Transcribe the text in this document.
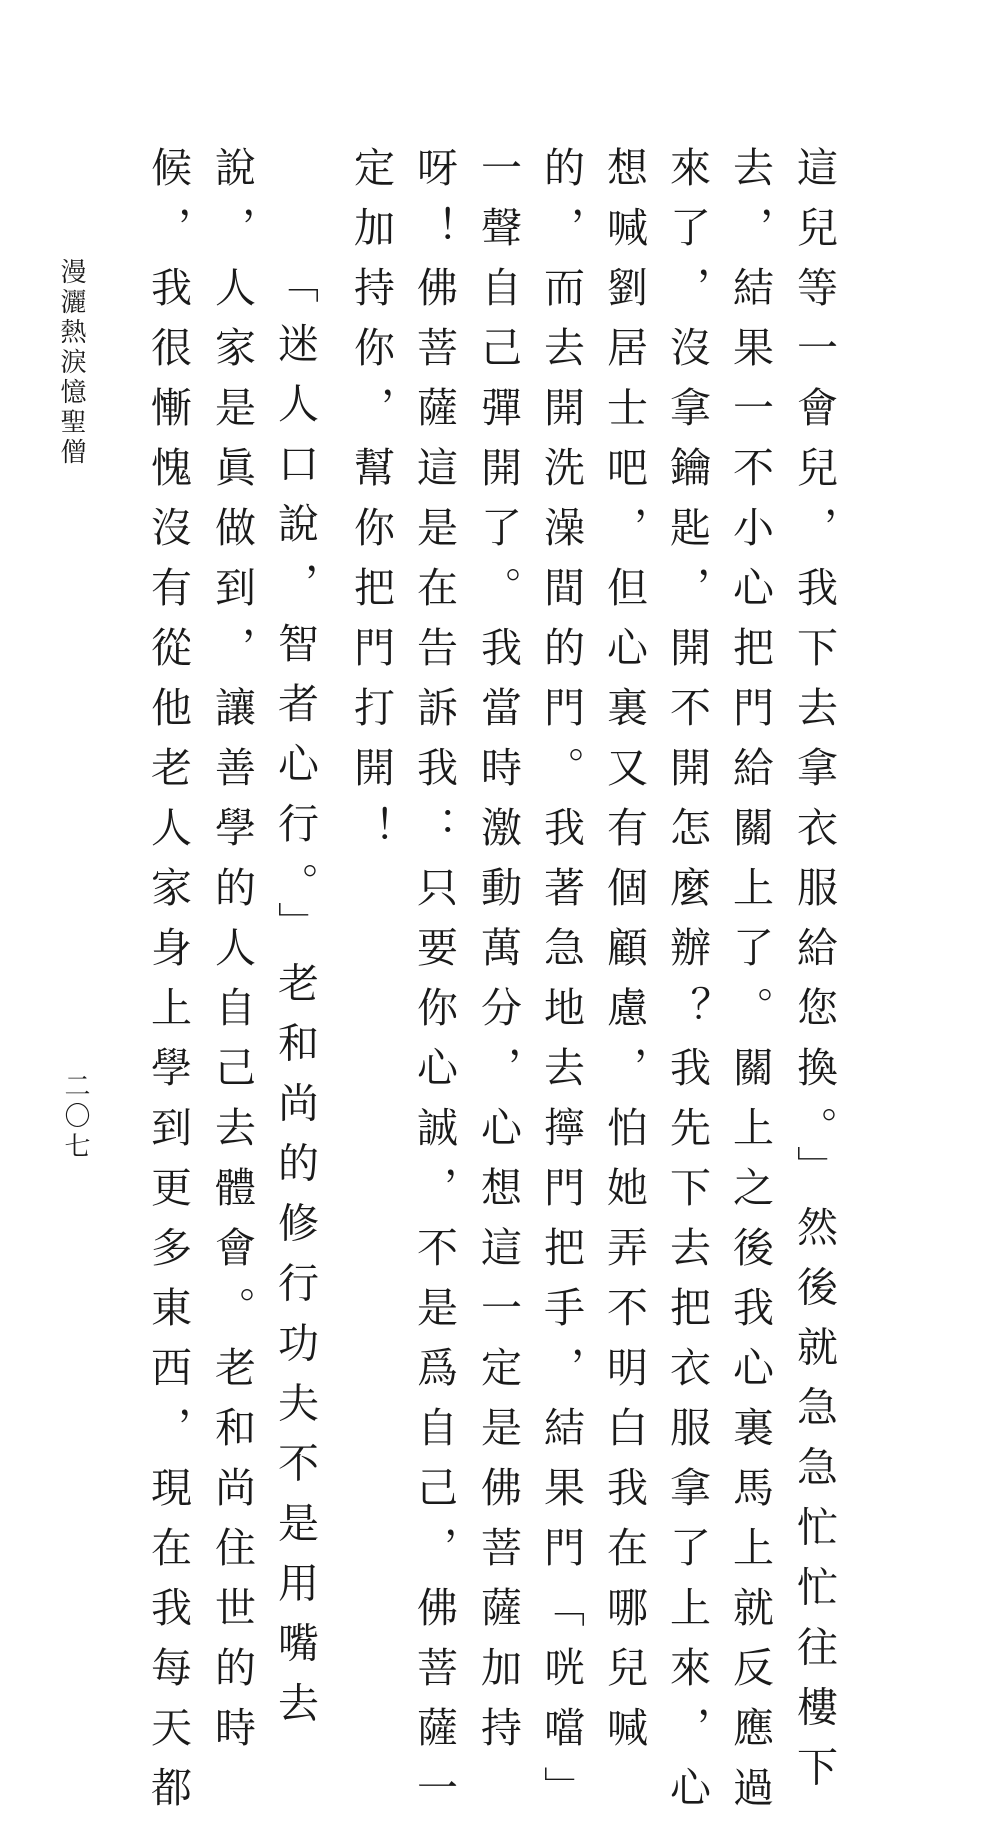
這兒等一會兒，我下去拿衣服給您換。」然後就急急忙忙往樓下
去，結果一不小心把門給關上了。關上之後我心裏馬上就反應過
來了，沒拿鑰匙，開不開怎麼辦？我先下去把衣服拿了上來，心
想喊劉居士吧，但心裏又有個顧慮，怕她弄不明白我在哪兒喊
的，而去開洗澡間的門。我著急地去擰門把手，結果門「咣噹」
一聲自己彈開了。我當時激動萬分，心想這一定是佛菩薩加持
呀！佛菩薩這是在告訴我：只要你心誠，不是爲自己，佛菩薩一
定加持你，幫你把門打開！
「迷人口說，智者心行。」老和尚的修行功夫不是用嘴去
說，人家是眞做到，讓善學的人自己去體會。老和尚住世的時
候，我很慚愧沒有從他老人家身上學到更多東西，現在我每天都
漫灑熱淚憶聖僧
二〇七
